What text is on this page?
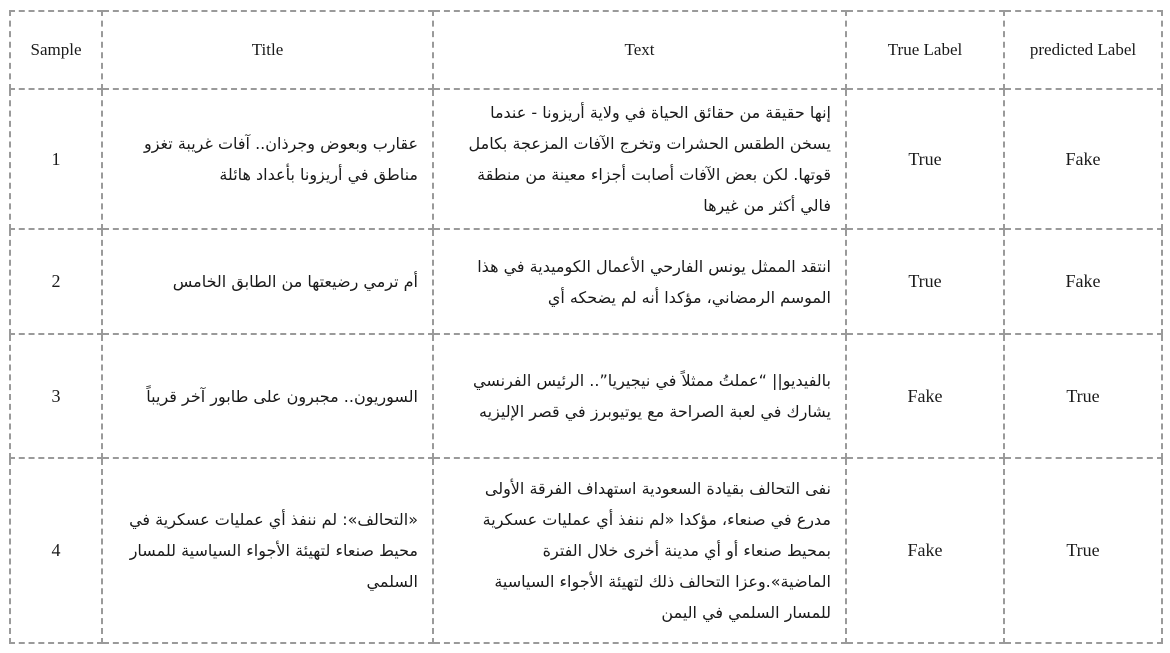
Sample	Title	Text	True Label	predicted Label
1	عقارب وبعوض وجرذان.. آفات غريبة تغزو مناطق في أريزونا بأعداد هائلة	إنها حقيقة من حقائق الحياة في ولاية أريزونا - عندما يسخن الطقس الحشرات وتخرج الآفات المزعجة بكامل قوتها. لكن بعض الآفات أصابت أجزاء معينة من منطقة فالي أكثر من غيرها	True	Fake
2	أم ترمي رضيعتها من الطابق الخامس	انتقد الممثل يونس الفارحي الأعمال الكوميدية في هذا الموسم الرمضاني، مؤكدا أنه لم يضحكه أي	True	Fake
3	السوريون.. مجبرون على طابور آخر قريباً	بالفيديو|| “عملتُ ممثلاً في نيجيريا”.. الرئيس الفرنسي يشارك في لعبة الصراحة مع يوتيوبرز في قصر الإليزيه	Fake	True
4	«التحالف»: لم ننفذ أي عمليات عسكرية في محيط صنعاء لتهيئة الأجواء السياسية للمسار السلمي	نفى التحالف بقيادة السعودية استهداف الفرقة الأولى مدرع في صنعاء، مؤكدا «لم ننفذ أي عمليات عسكرية بمحيط صنعاء أو أي مدينة أخرى خلال الفترة الماضية».وعزا التحالف ذلك لتهيئة الأجواء السياسية للمسار السلمي في اليمن	Fake	True
